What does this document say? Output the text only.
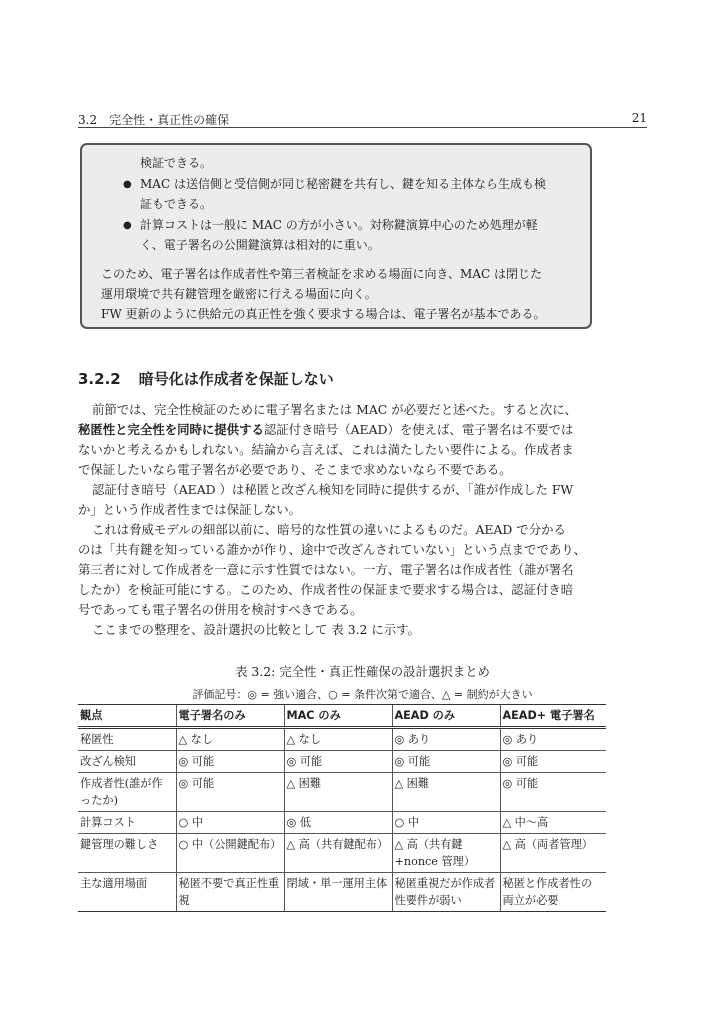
3.2　完全性・真正性の確保	21
検証できる。
● MAC は送信側と受信側が同じ秘密鍵を共有し、鍵を知る主体なら生成も検
証もできる。
● 計算コストは一般に MAC の方が小さい。対称鍵演算中心のため処理が軽
く、電子署名の公開鍵演算は相対的に重い。
このため、電子署名は作成者性や第三者検証を求める場面に向き、MAC は閉じた
運用環境で共有鍵管理を厳密に行える場面に向く。
FW 更新のように供給元の真正性を強く要求する場合は、電子署名が基本である。
3.2.2 暗号化は作成者を保証しない
前節では、完全性検証のために電子署名または MAC が必要だと述べた。すると次に、
秘匿性と完全性を同時に提供する認証付き暗号（AEAD）を使えば、電子署名は不要では
ないかと考えるかもしれない。結論から言えば、これは満たしたい要件による。作成者ま
で保証したいなら電子署名が必要であり、そこまで求めないなら不要である。
認証付き暗号（AEAD ）は秘匿と改ざん検知を同時に提供するが、「誰が作成した FW
か」という作成者性までは保証しない。
これは脅威モデルの細部以前に、暗号的な性質の違いによるものだ。AEAD で分かる
のは「共有鍵を知っている誰かが作り、途中で改ざんされていない」という点までであり、
第三者に対して作成者を一意に示す性質ではない。一方、電子署名は作成者性（誰が署名
したか）を検証可能にする。このため、作成者性の保証まで要求する場合は、認証付き暗
号であっても電子署名の併用を検討すべきである。
ここまでの整理を、設計選択の比較として 表 3.2 に示す。
表 3.2: 完全性・真正性確保の設計選択まとめ
評価記号：◎ = 強い適合、○ = 条件次第で適合、△ = 制約が大きい
観点	電子署名のみ	MAC のみ	AEAD のみ	AEAD+ 電子署名
秘匿性	△ なし	△ なし	◎ あり	◎ あり
改ざん検知	◎ 可能	◎ 可能	◎ 可能	◎ 可能
作成者性(誰が作ったか)	◎ 可能	△ 困難	△ 困難	◎ 可能
計算コスト	○ 中	◎ 低	○ 中	△ 中〜高
鍵管理の難しさ	○ 中（公開鍵配布）	△ 高（共有鍵配布）	△ 高（共有鍵+nonce 管理）	△ 高（両者管理）
主な適用場面	秘匿不要で真正性重視	閉域・単一運用主体	秘匿重視だが作成者性要件が弱い	秘匿と作成者性の両立が必要
